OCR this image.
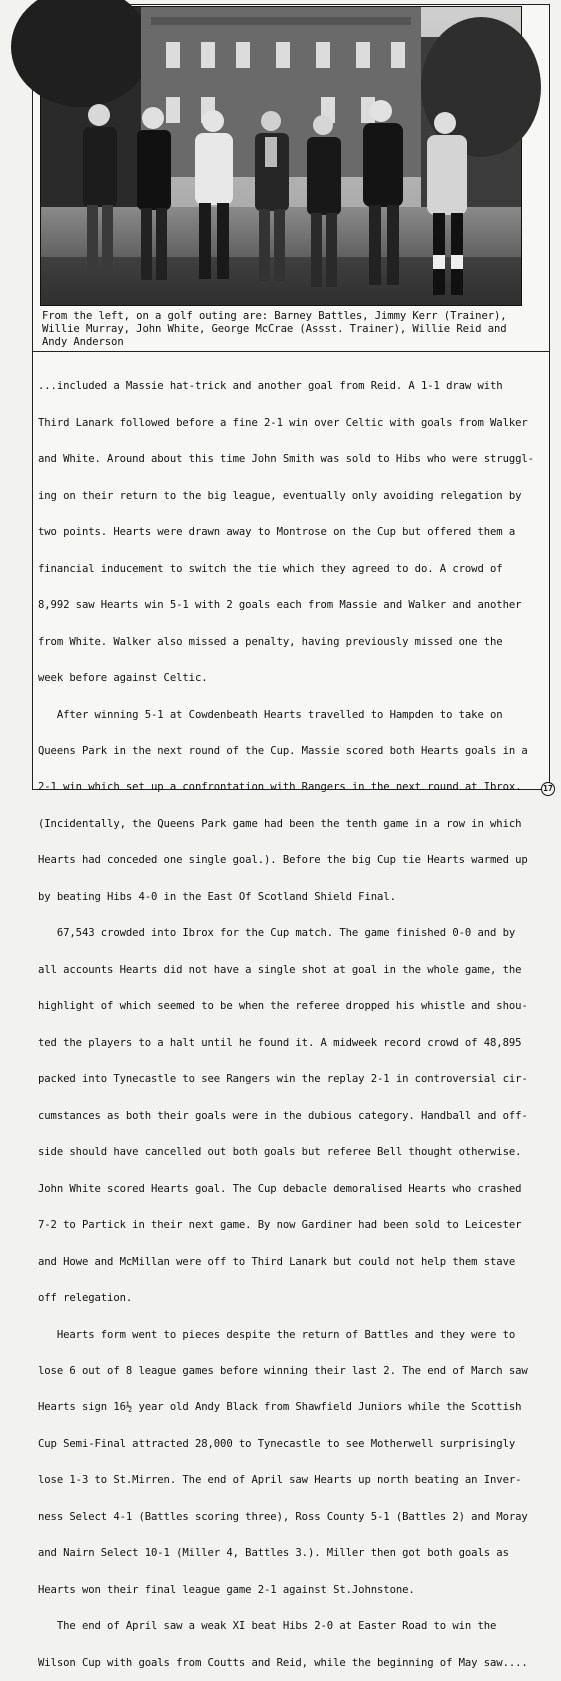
From the left, on a golf outing are: Barney Battles, Jimmy Kerr (Trainer),
Willie Murray, John White, George McCrae (Assst. Trainer), Willie Reid and
Andy Anderson

...included a Massie hat-trick and another goal from Reid. A 1-1 draw with

Third Lanark followed before a fine 2-1 win over Celtic with goals from Walker

and White. Around about this time John Smith was sold to Hibs who were struggl-

ing on their return to the big league, eventually only avoiding relegation by

two points. Hearts were drawn away to Montrose on the Cup but offered them a

financial inducement to switch the tie which they agreed to do. A crowd of

8,992 saw Hearts win 5-1 with 2 goals each from Massie and Walker and another

from White. Walker also missed a penalty, having previously missed one the

week before against Celtic.

After winning 5-1 at Cowdenbeath Hearts travelled to Hampden to take on

Queens Park in the next round of the Cup. Massie scored both Hearts goals in a

2-1 win which set up a confrontation with Rangers in the next round at Ibrox.

(Incidentally, the Queens Park game had been the tenth game in a row in which

Hearts had conceded one single goal.). Before the big Cup tie Hearts warmed up

by beating Hibs 4-0 in the East Of Scotland Shield Final.

67,543 crowded into Ibrox for the Cup match. The game finished 0-0 and by

all accounts Hearts did not have a single shot at goal in the whole game, the

highlight of which seemed to be when the referee dropped his whistle and shou-

ted the players to a halt until he found it. A midweek record crowd of 48,895

packed into Tynecastle to see Rangers win the replay 2-1 in controversial cir-

cumstances as both their goals were in the dubious category. Handball and off-

side should have cancelled out both goals but referee Bell thought otherwise.

John White scored Hearts goal. The Cup debacle demoralised Hearts who crashed

7-2 to Partick in their next game. By now Gardiner had been sold to Leicester

and Howe and McMillan were off to Third Lanark but could not help them stave

off relegation.

Hearts form went to pieces despite the return of Battles and they were to

lose 6 out of 8 league games before winning their last 2. The end of March saw

Hearts sign 16½ year old Andy Black from Shawfield Juniors while the Scottish

Cup Semi-Final attracted 28,000 to Tynecastle to see Motherwell surprisingly

lose 1-3 to St.Mirren. The end of April saw Hearts up north beating an Inver-

ness Select 4-1 (Battles scoring three), Ross County 5-1 (Battles 2) and Moray

and Nairn Select 10-1 (Miller 4, Battles 3.). Miller then got both goals as

Hearts won their final league game 2-1 against St.Johnstone.

The end of April saw a weak XI beat Hibs 2-0 at Easter Road to win the

Wilson Cup with goals from Coutts and Reid, while the beginning of May saw....

17
